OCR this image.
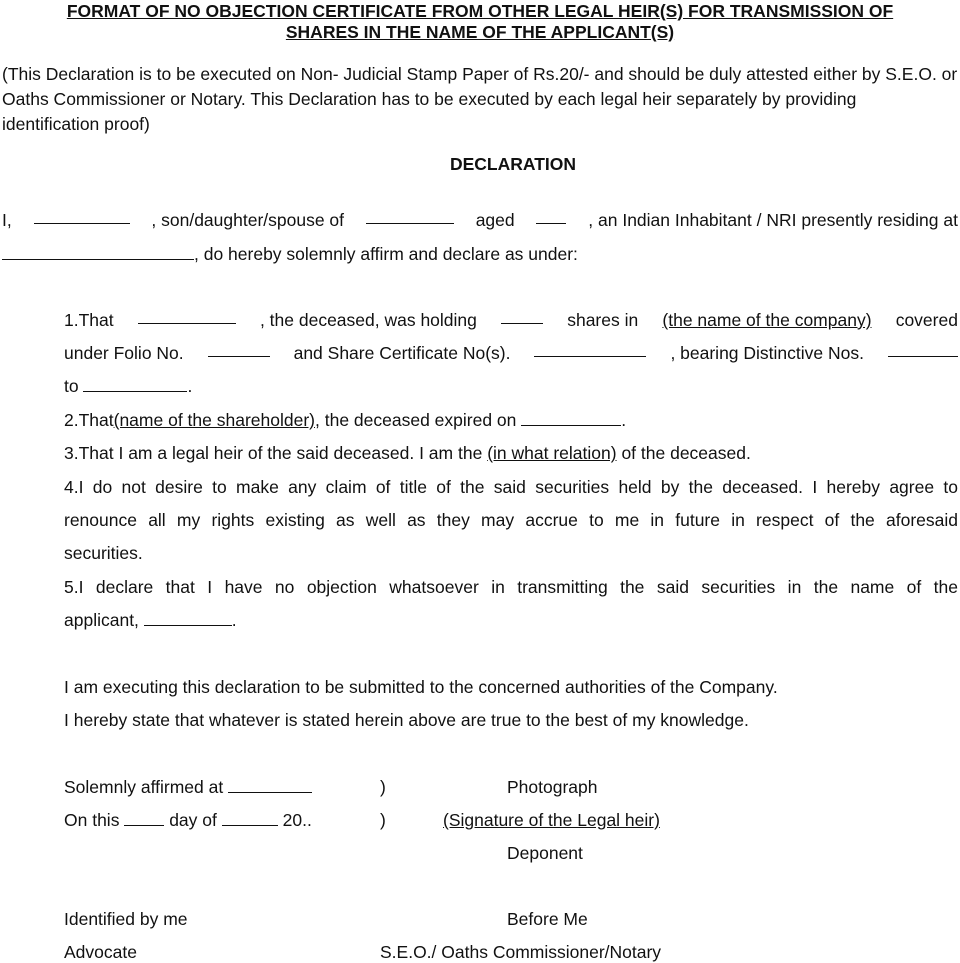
FORMAT OF NO OBJECTION CERTIFICATE FROM OTHER LEGAL HEIR(S) FOR TRANSMISSION OF
SHARES IN THE NAME OF THE APPLICANT(S)
(This Declaration is to be executed on Non- Judicial Stamp Paper of Rs.20/- and should be duly attested either by S.E.O. or Oaths Commissioner or Notary. This Declaration has to be executed by each legal heir separately by providing identification proof)
DECLARATION
I,	, son/daughter/spouse of	aged	, an Indian Inhabitant / NRI presently residing at
, do hereby solemnly affirm and declare as under:
1.That	, the deceased, was holding	shares in (the name of the company) covered
under Folio No.	and Share Certificate No(s).	, bearing Distinctive Nos.
to	.
2.That(name of the shareholder), the deceased expired on	.
3.That I am a legal heir of the said deceased. I am the (in what relation) of the deceased.
4.I do not desire to make any claim of title of the said securities held by the deceased. I hereby agree to
renounce all my rights existing as well as they may accrue to me in future in respect of the aforesaid
securities.
5.I declare that I have no objection whatsoever in transmitting the said securities in the name of the
applicant,	.
I am executing this declaration to be submitted to the concerned authorities of the Company.
I hereby state that whatever is stated herein above are true to the best of my knowledge.
Solemnly affirmed at	)	Photograph
On this	day of	20..	)	(Signature of the Legal heir)
Deponent
Identified by me	Before Me
Advocate	S.E.O./ Oaths Commissioner/Notary
